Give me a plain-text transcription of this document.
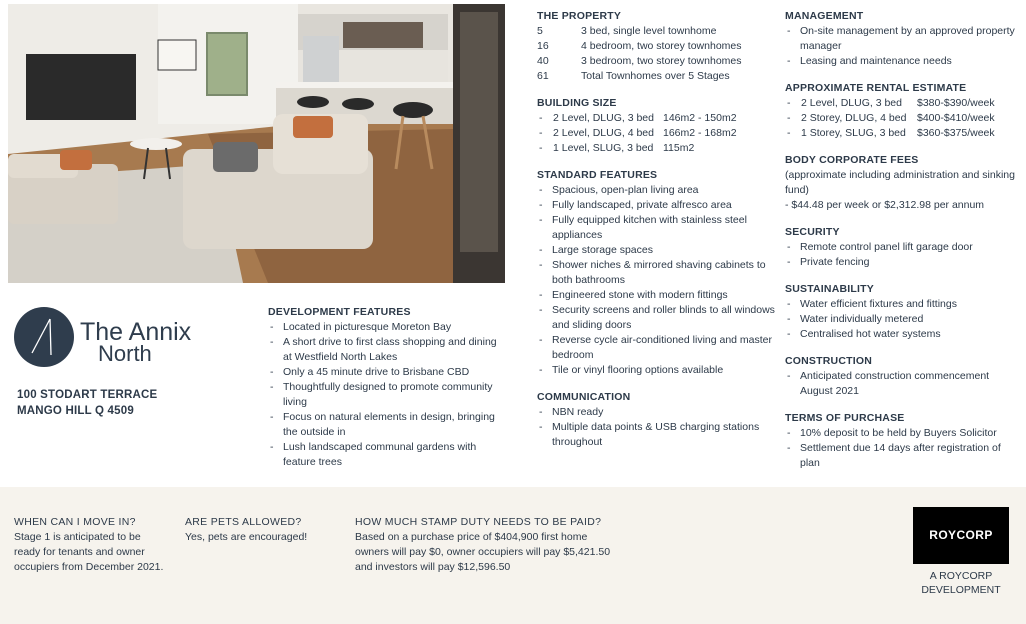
The Annix
North
100 STODART TERRACE
MANGO HILL Q 4509
DEVELOPMENT FEATURES
- Located in picturesque Moreton Bay
- A short drive to first class shopping and dining at Westfield North Lakes
- Only a 45 minute drive to Brisbane CBD
- Thoughtfully designed to promote community living
- Focus on natural elements in design, bringing the outside in
- Lush landscaped communal gardens with feature trees
THE PROPERTY
5	3 bed, single level townhome
16	4 bedroom, two storey townhomes
40	3 bedroom, two storey townhomes
61	Total Townhomes over 5 Stages
BUILDING SIZE
-	2 Level, DLUG, 3 bed	146m2 - 150m2
-	2 Level, DLUG, 4 bed	166m2 - 168m2
-	1 Level, SLUG, 3 bed	115m2
STANDARD FEATURES
- Spacious, open-plan living area
- Fully landscaped, private alfresco area
- Fully equipped kitchen with stainless steel appliances
- Large storage spaces
- Shower niches & mirrored shaving cabinets to both bathrooms
- Engineered stone with modern fittings
- Security screens and roller blinds to all windows and sliding doors
- Reverse cycle air-conditioned living and master bedroom
- Tile or vinyl flooring options available
COMMUNICATION
- NBN ready
- Multiple data points & USB charging stations throughout
MANAGEMENT
- On-site management by an approved property manager
- Leasing and maintenance needs
APPROXIMATE RENTAL ESTIMATE
-	2 Level, DLUG, 3 bed	$380-$390/week
-	2 Storey, DLUG, 4 bed	$400-$410/week
-	1 Storey, SLUG, 3 bed	$360-$375/week
BODY CORPORATE FEES

(approximate including administration and sinking fund)

- $44.48 per week or $2,312.98 per annum

SECURITY
- Remote control panel lift garage door
- Private fencing
SUSTAINABILITY
- Water efficient fixtures and fittings
- Water individually metered
- Centralised hot water systems
CONSTRUCTION
- Anticipated construction commencement August 2021
TERMS OF PURCHASE
- 10% deposit to be held by Buyers Solicitor
- Settlement due 14 days after registration of plan
WHEN CAN I MOVE IN?

Stage 1 is anticipated to be ready for tenants and owner occupiers from December 2021.

ARE PETS ALLOWED?

Yes, pets are encouraged!

HOW MUCH STAMP DUTY NEEDS TO BE PAID?

Based on a purchase price of $404,900 first home owners will pay $0, owner occupiers will pay $5,421.50 and investors will pay $12,596.50

ROYCORP
A ROYCORP DEVELOPMENT
